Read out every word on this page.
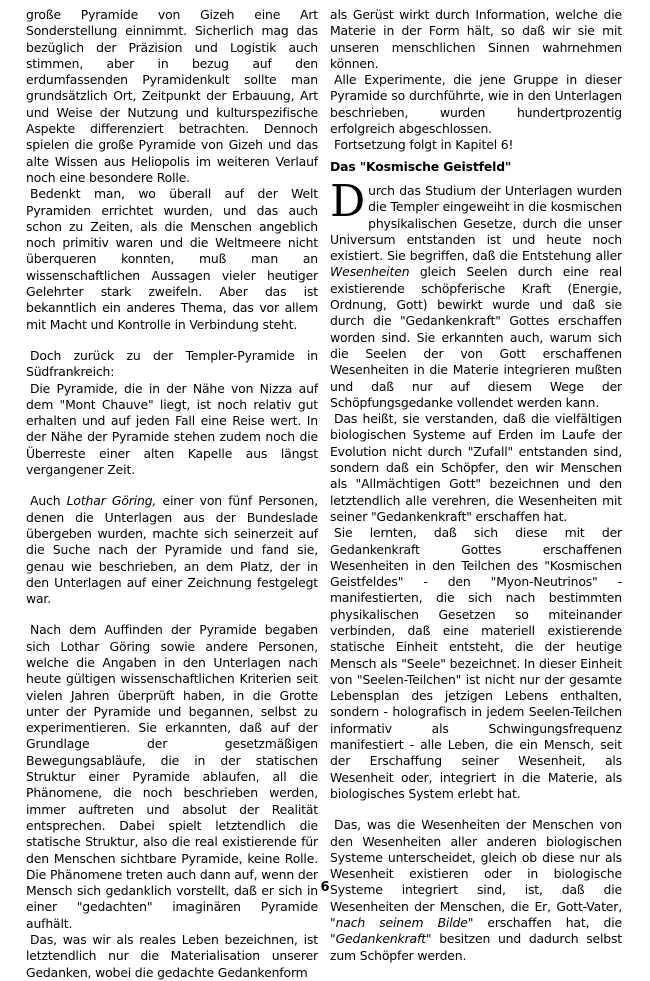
große Pyramide von Gizeh eine Art Sonderstellung einnimmt. Sicherlich mag das bezüglich der Präzision und Logistik auch stimmen, aber in bezug auf den erdumfassenden Pyramidenkult sollte man grundsätzlich Ort, Zeitpunkt der Erbauung, Art und Weise der Nutzung und kulturspezifische Aspekte differenziert betrachten. Dennoch spielen die große Pyramide von Gizeh und das alte Wissen aus Heliopolis im weiteren Verlauf noch eine besondere Rolle.

Bedenkt man, wo überall auf der Welt Pyramiden errichtet wurden, und das auch schon zu Zeiten, als die Menschen angeblich noch primitiv waren und die Weltmeere nicht überqueren konnten, muß man an wissenschaftlichen Aussagen vieler heutiger Gelehrter stark zweifeln. Aber das ist bekanntlich ein anderes Thema, das vor allem mit Macht und Kontrolle in Verbindung steht.

Doch zurück zu der Templer-Pyramide in Südfrankreich:

Die Pyramide, die in der Nähe von Nizza auf dem "Mont Chauve" liegt, ist noch relativ gut erhalten und auf jeden Fall eine Reise wert. In der Nähe der Pyramide stehen zudem noch die Überreste einer alten Kapelle aus längst vergangener Zeit.

Auch Lothar Göring, einer von fünf Personen, denen die Unterlagen aus der Bundeslade übergeben wurden, machte sich seinerzeit auf die Suche nach der Pyramide und fand sie, genau wie beschrieben, an dem Platz, der in den Unterlagen auf einer Zeichnung festgelegt war.

Nach dem Auffinden der Pyramide begaben sich Lothar Göring sowie andere Personen, welche die Angaben in den Unterlagen nach heute gültigen wissenschaftlichen Kriterien seit vielen Jahren überprüft haben, in die Grotte unter der Pyramide und begannen, selbst zu experimentieren. Sie erkannten, daß auf der Grundlage der gesetzmäßigen Bewegungsabläufe, die in der statischen Struktur einer Pyramide ablaufen, all die Phänomene, die noch beschrieben werden, immer auftreten und absolut der Realität entsprechen. Dabei spielt letztendlich die statische Struktur, also die real existierende für den Menschen sichtbare Pyramide, keine Rolle. Die Phänomene treten auch dann auf, wenn der Mensch sich gedanklich vorstellt, daß er sich in einer "gedachten" imaginären Pyramide aufhält.

Das, was wir als reales Leben bezeichnen, ist letztendlich nur die Materialisation unserer Gedanken, wobei die gedachte Gedankenform

als Gerüst wirkt durch Information, welche die Materie in der Form hält, so daß wir sie mit unseren menschlichen Sinnen wahrnehmen können.

Alle Experimente, die jene Gruppe in dieser Pyramide so durchführte, wie in den Unterlagen beschrieben, wurden hundertprozentig erfolgreich abgeschlossen.

Fortsetzung folgt in Kapitel 6!

Das "Kosmische Geistfeld"

Durch das Studium der Unterlagen wurden die Templer eingeweiht in die kosmischen physikalischen Gesetze, durch die unser Universum entstanden ist und heute noch existiert. Sie begriffen, daß die Entstehung aller Wesenheiten gleich Seelen durch eine real existierende schöpferische Kraft (Energie, Ordnung, Gott) bewirkt wurde und daß sie durch die "Gedankenkraft" Gottes erschaffen worden sind. Sie erkannten auch, warum sich die Seelen der von Gott erschaffenen Wesenheiten in die Materie integrieren mußten und daß nur auf diesem Wege der Schöpfungsgedanke vollendet werden kann.

Das heißt, sie verstanden, daß die vielfältigen biologischen Systeme auf Erden im Laufe der Evolution nicht durch "Zufall" entstanden sind, sondern daß ein Schöpfer, den wir Menschen als "Allmächtigen Gott" bezeichnen und den letztendlich alle verehren, die Wesenheiten mit seiner "Gedankenkraft" erschaffen hat.

Sie lernten, daß sich diese mit der Gedankenkraft Gottes erschaffenen Wesenheiten in den Teilchen des "Kosmischen Geistfeldes" - den "Myon-Neutrinos" - manifestierten, die sich nach bestimmten physikalischen Gesetzen so miteinander verbinden, daß eine materiell existierende statische Einheit entsteht, die der heutige Mensch als "Seele" bezeichnet. In dieser Einheit von "Seelen-Teilchen" ist nicht nur der gesamte Lebensplan des jetzigen Lebens enthalten, sondern - holografisch in jedem Seelen-Teilchen informativ als Schwingungsfrequenz manifestiert - alle Leben, die ein Mensch, seit der Erschaffung seiner Wesenheit, als Wesenheit oder, integriert in die Materie, als biologisches System erlebt hat.

Das, was die Wesenheiten der Menschen von den Wesenheiten aller anderen biologischen Systeme unterscheidet, gleich ob diese nur als Wesenheit existieren oder in biologische Systeme integriert sind, ist, daß die Wesenheiten der Menschen, die Er, Gott-Vater, "nach seinem Bilde" erschaffen hat, die "Gedankenkraft" besitzen und dadurch selbst zum Schöpfer werden.

6
